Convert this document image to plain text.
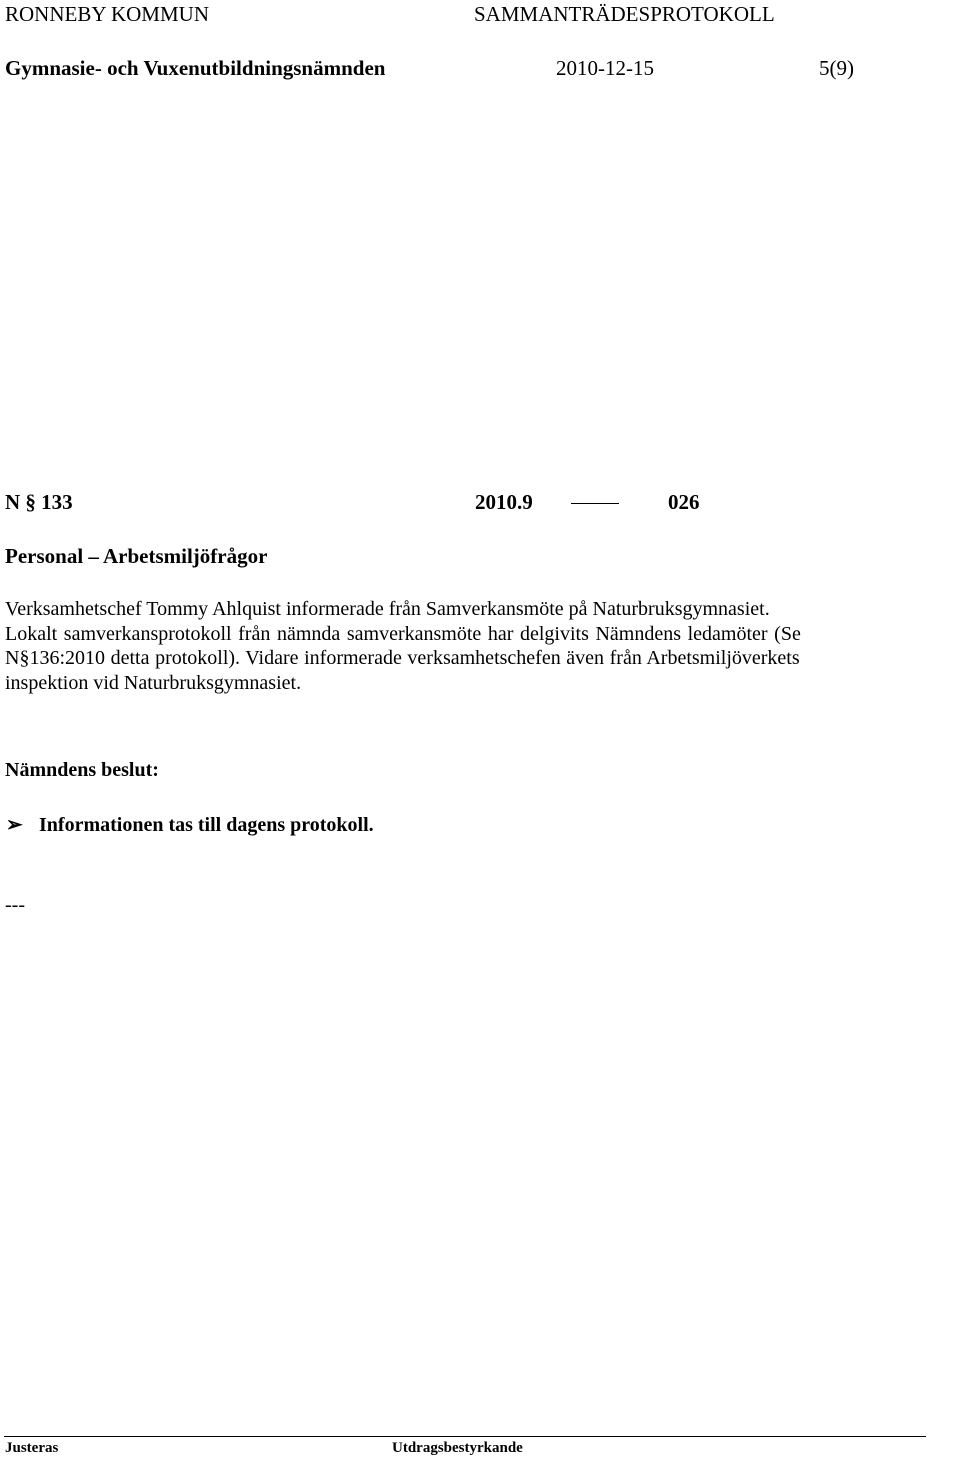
RONNEBY KOMMUN	SAMMANTRÄDESPROTOKOLL
Gymnasie- och Vuxenutbildningsnämnden	2010-12-15	5(9)
N § 133	2010.9	026
Personal – Arbetsmiljöfrågor

Verksamhetschef Tommy Ahlquist informerade från Samverkansmöte på Naturbruksgymnasiet.

Lokalt samverkansprotokoll från nämnda samverkansmöte har delgivits Nämndens ledamöter (Se

N§136:2010 detta protokoll). Vidare informerade verksamhetschefen även från Arbetsmiljöverkets

inspektion vid Naturbruksgymnasiet.

Nämndens beslut:
➢ Informationen tas till dagens protokoll.
---
Justeras	Utdragsbestyrkande
